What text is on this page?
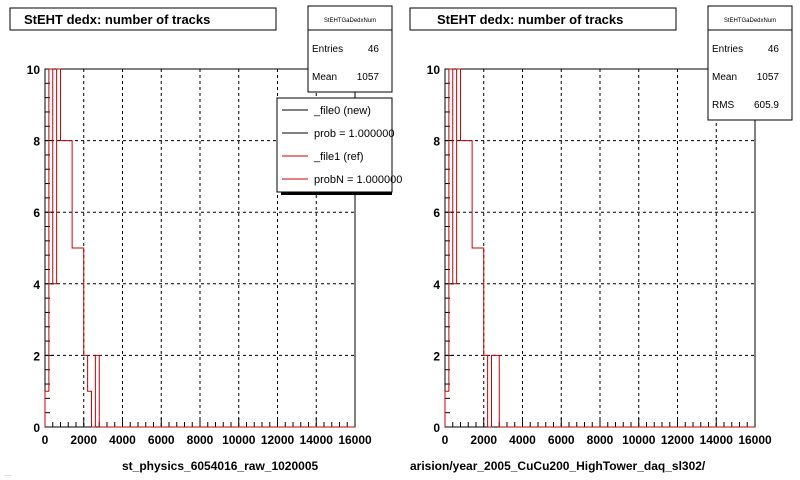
StEHT dedx: number of tracks
0 2000 4000 6000 8000 10000 12000 14000 16000
0
2
4
6
8
10
StEHTGaDedxNum
Entries 46
Mean 1057
_file0 (new)
prob = 1.000000
_file1 (ref)
probN = 1.000000
StEHT dedx: number of tracks
0 2000 4000 6000 8000 10000 12000 14000 16000
0
2
4
6
8
10
StEHTGaDedxNum
Entries 46
Mean 1057
RMS 605.9
st_physics_6054016_raw_1020005	arision/year_2005_CuCu200_HighTower_daq_sl302/
....
